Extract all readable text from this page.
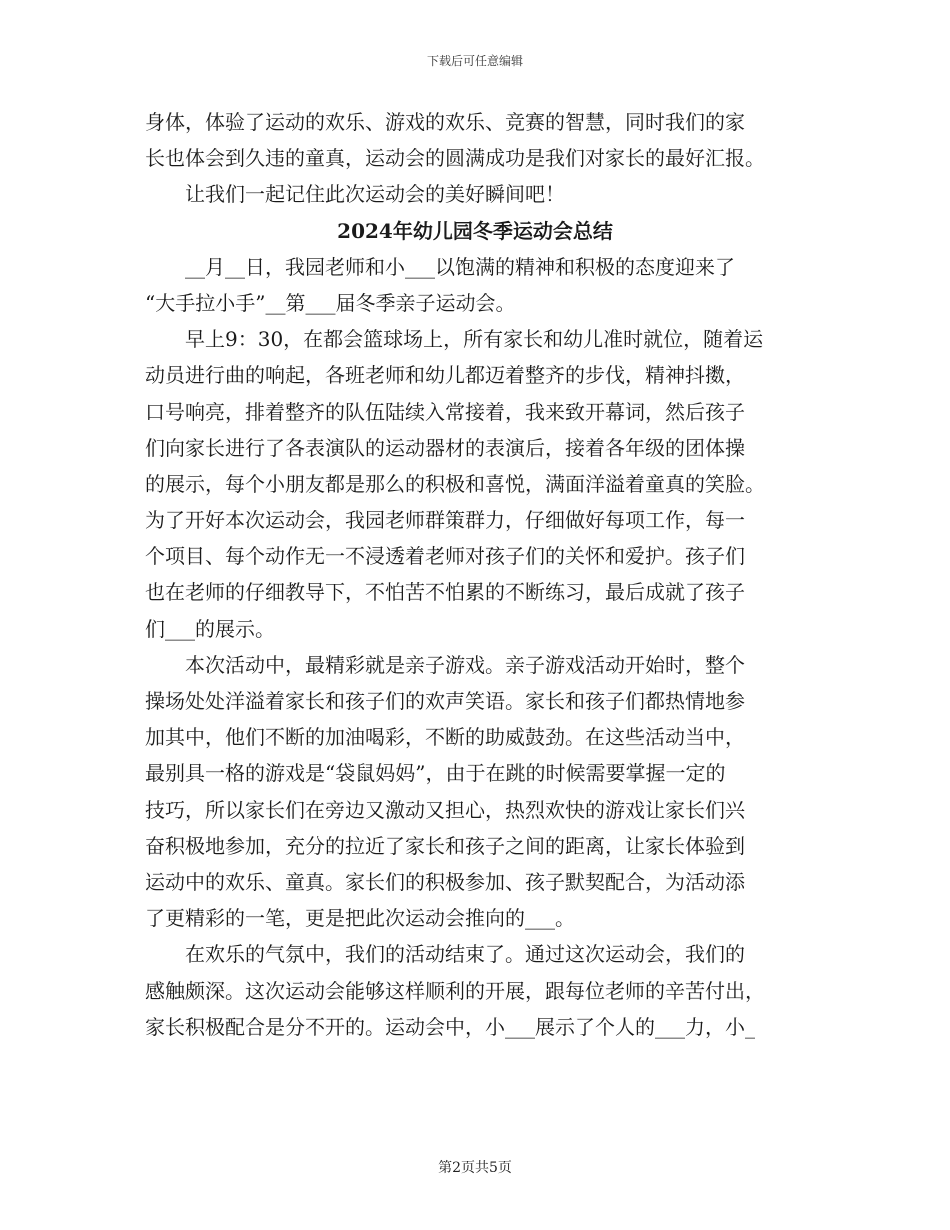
下载后可任意编辑
身体，体验了运动的欢乐、游戏的欢乐、竞赛的智慧，同时我们的家
长也体会到久违的童真，运动会的圆满成功是我们对家长的最好汇报。
让我们一起记住此次运动会的美好瞬间吧！
2024年幼儿园冬季运动会总结
__月__日，我园老师和小___以饱满的精神和积极的态度迎来了
“大手拉小手”__第___届冬季亲子运动会。
早上9：30，在都会篮球场上，所有家长和幼儿准时就位，随着运
动员进行曲的响起，各班老师和幼儿都迈着整齐的步伐，精神抖擞，
口号响亮，排着整齐的队伍陆续入常接着，我来致开幕词，然后孩子
们向家长进行了各表演队的运动器材的表演后，接着各年级的团体操
的展示，每个小朋友都是那么的积极和喜悦，满面洋溢着童真的笑脸。
为了开好本次运动会，我园老师群策群力，仔细做好每项工作，每一
个项目、每个动作无一不浸透着老师对孩子们的关怀和爱护。孩子们
也在老师的仔细教导下，不怕苦不怕累的不断练习，最后成就了孩子
们___的展示。
本次活动中，最精彩就是亲子游戏。亲子游戏活动开始时，整个
操场处处洋溢着家长和孩子们的欢声笑语。家长和孩子们都热情地参
加其中，他们不断的加油喝彩，不断的助威鼓劲。在这些活动当中，
最别具一格的游戏是“袋鼠妈妈”，由于在跳的时候需要掌握一定的
技巧，所以家长们在旁边又激动又担心，热烈欢快的游戏让家长们兴
奋积极地参加，充分的拉近了家长和孩子之间的距离，让家长体验到
运动中的欢乐、童真。家长们的积极参加、孩子默契配合，为活动添
了更精彩的一笔，更是把此次运动会推向的___。
在欢乐的气氛中，我们的活动结束了。通过这次运动会，我们的
感触颇深。这次运动会能够这样顺利的开展，跟每位老师的辛苦付出，
家长积极配合是分不开的。运动会中，小___展示了个人的___力，小_
第2页共5页
